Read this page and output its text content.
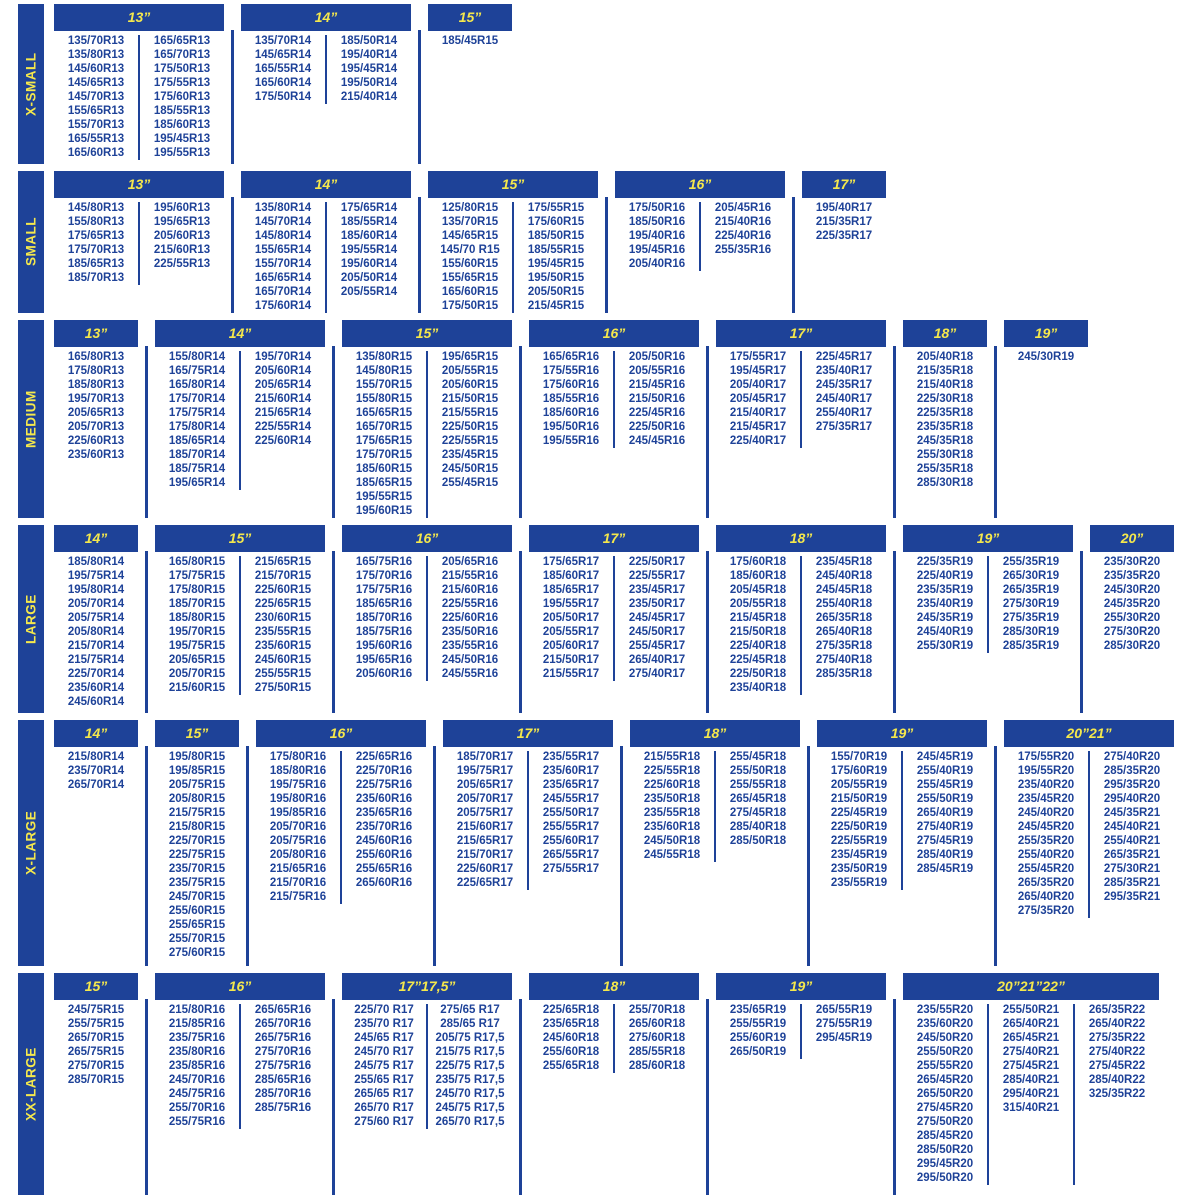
X-SMALL
13”
135/70R13
135/80R13
145/60R13
145/65R13
145/70R13
155/65R13
155/70R13
165/55R13
165/60R13
165/65R13
165/70R13
175/50R13
175/55R13
175/60R13
185/55R13
185/60R13
195/45R13
195/55R13
14”
135/70R14
145/65R14
165/55R14
165/60R14
175/50R14
185/50R14
195/40R14
195/45R14
195/50R14
215/40R14
15”
185/45R15
SMALL
13”
145/80R13
155/80R13
175/65R13
175/70R13
185/65R13
185/70R13
195/60R13
195/65R13
205/60R13
215/60R13
225/55R13
14”
135/80R14
145/70R14
145/80R14
155/65R14
155/70R14
165/65R14
165/70R14
175/60R14
175/65R14
185/55R14
185/60R14
195/55R14
195/60R14
205/50R14
205/55R14
15”
125/80R15
135/70R15
145/65R15
145/70 R15
155/60R15
155/65R15
165/60R15
175/50R15
175/55R15
175/60R15
185/50R15
185/55R15
195/45R15
195/50R15
205/50R15
215/45R15
16”
175/50R16
185/50R16
195/40R16
195/45R16
205/40R16
205/45R16
215/40R16
225/40R16
255/35R16
17”
195/40R17
215/35R17
225/35R17
MEDIUM
13”
165/80R13
175/80R13
185/80R13
195/70R13
205/65R13
205/70R13
225/60R13
235/60R13
14”
155/80R14
165/75R14
165/80R14
175/70R14
175/75R14
175/80R14
185/65R14
185/70R14
185/75R14
195/65R14
195/70R14
205/60R14
205/65R14
215/60R14
215/65R14
225/55R14
225/60R14
15”
135/80R15
145/80R15
155/70R15
155/80R15
165/65R15
165/70R15
175/65R15
175/70R15
185/60R15
185/65R15
195/55R15
195/60R15
195/65R15
205/55R15
205/60R15
215/50R15
215/55R15
225/50R15
225/55R15
235/45R15
245/50R15
255/45R15
16”
165/65R16
175/55R16
175/60R16
185/55R16
185/60R16
195/50R16
195/55R16
205/50R16
205/55R16
215/45R16
215/50R16
225/45R16
225/50R16
245/45R16
17”
175/55R17
195/45R17
205/40R17
205/45R17
215/40R17
215/45R17
225/40R17
225/45R17
235/40R17
245/35R17
245/40R17
255/40R17
275/35R17
18”
205/40R18
215/35R18
215/40R18
225/30R18
225/35R18
235/35R18
245/35R18
255/30R18
255/35R18
285/30R18
19”
245/30R19
LARGE
14”
185/80R14
195/75R14
195/80R14
205/70R14
205/75R14
205/80R14
215/70R14
215/75R14
225/70R14
235/60R14
245/60R14
15”
165/80R15
175/75R15
175/80R15
185/70R15
185/80R15
195/70R15
195/75R15
205/65R15
205/70R15
215/60R15
215/65R15
215/70R15
225/60R15
225/65R15
230/60R15
235/55R15
235/60R15
245/60R15
255/55R15
275/50R15
16”
165/75R16
175/70R16
175/75R16
185/65R16
185/70R16
185/75R16
195/60R16
195/65R16
205/60R16
205/65R16
215/55R16
215/60R16
225/55R16
225/60R16
235/50R16
235/55R16
245/50R16
245/55R16
17”
175/65R17
185/60R17
185/65R17
195/55R17
205/50R17
205/55R17
205/60R17
215/50R17
215/55R17
225/50R17
225/55R17
235/45R17
235/50R17
245/45R17
245/50R17
255/45R17
265/40R17
275/40R17
18”
175/60R18
185/60R18
205/45R18
205/55R18
215/45R18
215/50R18
225/40R18
225/45R18
225/50R18
235/40R18
235/45R18
245/40R18
245/45R18
255/40R18
265/35R18
265/40R18
275/35R18
275/40R18
285/35R18
19”
225/35R19
225/40R19
235/35R19
235/40R19
245/35R19
245/40R19
255/30R19
255/35R19
265/30R19
265/35R19
275/30R19
275/35R19
285/30R19
285/35R19
20”
235/30R20
235/35R20
245/30R20
245/35R20
255/30R20
275/30R20
285/30R20
X-LARGE
14”
215/80R14
235/70R14
265/70R14
15”
195/80R15
195/85R15
205/75R15
205/80R15
215/75R15
215/80R15
225/70R15
225/75R15
235/70R15
235/75R15
245/70R15
255/60R15
255/65R15
255/70R15
275/60R15
16”
175/80R16
185/80R16
195/75R16
195/80R16
195/85R16
205/70R16
205/75R16
205/80R16
215/65R16
215/70R16
215/75R16
225/65R16
225/70R16
225/75R16
235/60R16
235/65R16
235/70R16
245/60R16
255/60R16
255/65R16
265/60R16
17”
185/70R17
195/75R17
205/65R17
205/70R17
205/75R17
215/60R17
215/65R17
215/70R17
225/60R17
225/65R17
235/55R17
235/60R17
235/65R17
245/55R17
255/50R17
255/55R17
255/60R17
265/55R17
275/55R17
18”
215/55R18
225/55R18
225/60R18
235/50R18
235/55R18
235/60R18
245/50R18
245/55R18
255/45R18
255/50R18
255/55R18
265/45R18
275/45R18
285/40R18
285/50R18
19”
155/70R19
175/60R19
205/55R19
215/50R19
225/45R19
225/50R19
225/55R19
235/45R19
235/50R19
235/55R19
245/45R19
255/40R19
255/45R19
255/50R19
265/40R19
275/40R19
275/45R19
285/40R19
285/45R19
20”21”
175/55R20
195/55R20
235/40R20
235/45R20
245/40R20
245/45R20
255/35R20
255/40R20
255/45R20
265/35R20
265/40R20
275/35R20
275/40R20
285/35R20
295/35R20
295/40R20
245/35R21
245/40R21
255/40R21
265/35R21
275/30R21
285/35R21
295/35R21
XX-LARGE
15”
245/75R15
255/75R15
265/70R15
265/75R15
275/70R15
285/70R15
16”
215/80R16
215/85R16
235/75R16
235/80R16
235/85R16
245/70R16
245/75R16
255/70R16
255/75R16
265/65R16
265/70R16
265/75R16
275/70R16
275/75R16
285/65R16
285/70R16
285/75R16
17”17,5”
225/70 R17
235/70 R17
245/65 R17
245/70 R17
245/75 R17
255/65 R17
265/65 R17
265/70 R17
275/60 R17
275/65 R17
285/65 R17
205/75 R17,5
215/75 R17,5
225/75 R17,5
235/75 R17,5
245/70 R17,5
245/75 R17,5
265/70 R17,5
18”
225/65R18
235/65R18
245/60R18
255/60R18
255/65R18
255/70R18
265/60R18
275/60R18
285/55R18
285/60R18
19”
235/65R19
255/55R19
255/60R19
265/50R19
265/55R19
275/55R19
295/45R19
20”21”22”
235/55R20
235/60R20
245/50R20
255/50R20
255/55R20
265/45R20
265/50R20
275/45R20
275/50R20
285/45R20
285/50R20
295/45R20
295/50R20
255/50R21
265/40R21
265/45R21
275/40R21
275/45R21
285/40R21
295/40R21
315/40R21
265/35R22
265/40R22
275/35R22
275/40R22
275/45R22
285/40R22
325/35R22
